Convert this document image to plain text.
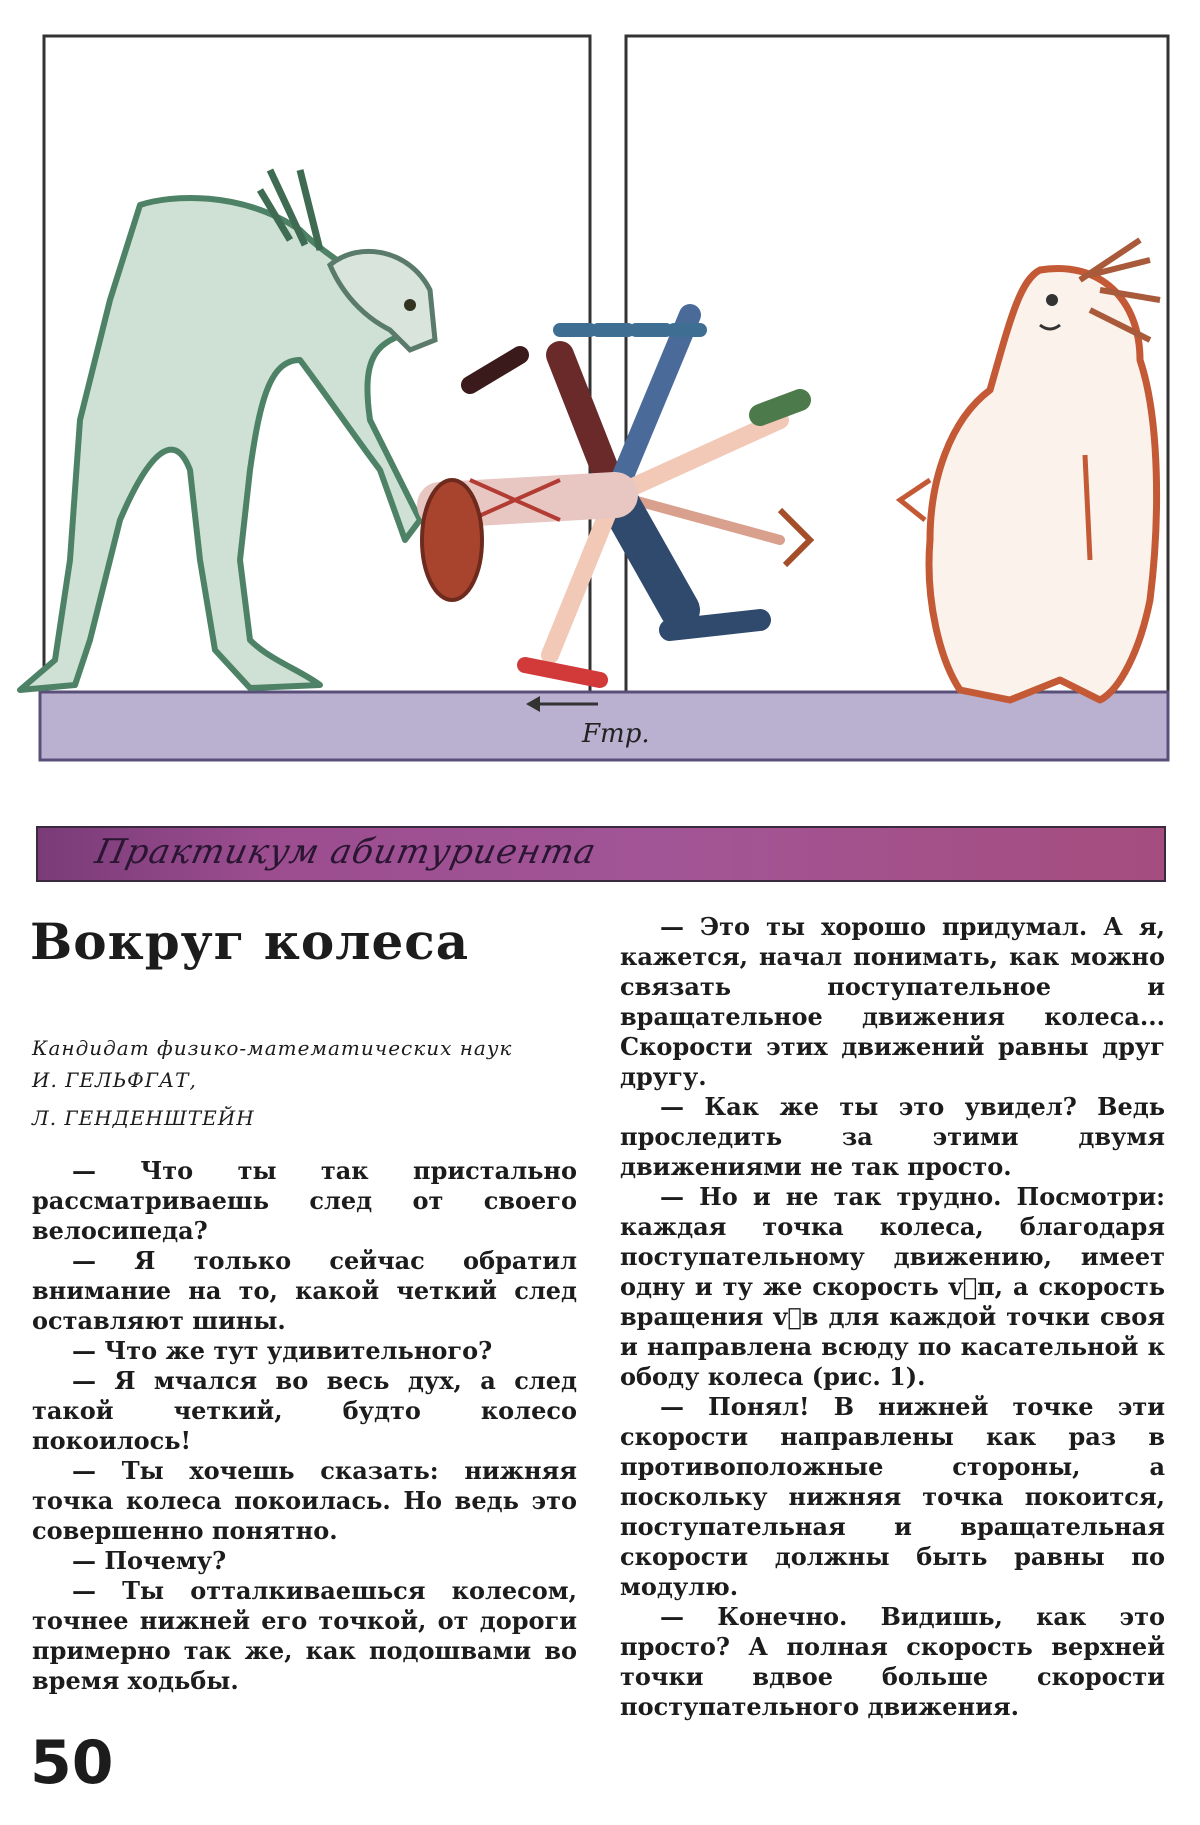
Fтр.
Практикум абитуриента
Вокруг колеса

Кандидат физико-математических наук

И. ГЕЛЬФГАТ,

Л. ГЕНДЕНШТЕЙН

— Что ты так пристально рассматриваешь след от своего велосипеда?

— Я только сейчас обратил внимание на то, какой четкий след оставляют шины.

— Что же тут удивительного?

— Я мчался во весь дух, а след такой четкий, будто колесо покоилось!

— Ты хочешь сказать: нижняя точка колеса покоилась. Но ведь это совершенно понятно.

— Почему?

— Ты отталкиваешься колесом, точнее нижней его точкой, от дороги примерно так же, как подошвами во время ходьбы.

— Это ты хорошо придумал. А я, кажется, начал понимать, как можно связать поступательное и вращательное движения колеса... Скорости этих движений равны друг другу.

— Как же ты это увидел? Ведь проследить за этими двумя движениями не так просто.

— Но и не так трудно. Посмотри: каждая точка колеса, благодаря поступательному движению, имеет одну и ту же скорость v⃗п, а скорость вращения v⃗в для каждой точки своя и направлена всюду по касательной к ободу колеса (рис. 1).

— Понял! В нижней точке эти скорости направлены как раз в противоположные стороны, а поскольку нижняя точка покоится, поступательная и вращательная скорости должны быть равны по модулю.

— Конечно. Видишь, как это просто? А полная скорость верхней точки вдвое больше скорости поступательного движения.

50
